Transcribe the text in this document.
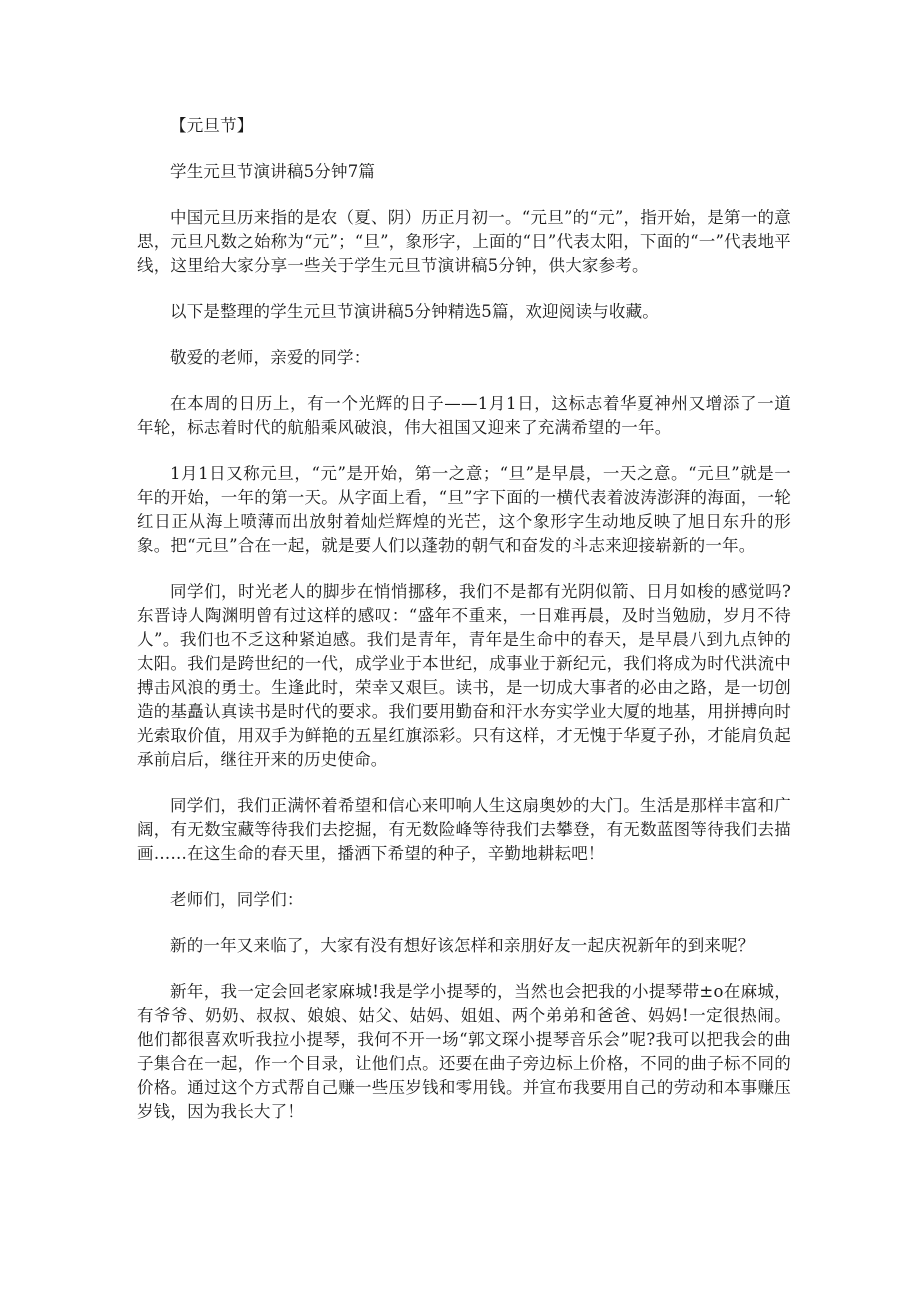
【元旦节】

学生元旦节演讲稿5分钟7篇

中国元旦历来指的是农（夏、阴）历正月初一。“元旦”的“元”，指开始，是第一的意思，元旦凡数之始称为“元”；“旦”，象形字，上面的“日”代表太阳，下面的“一”代表地平线，这里给大家分享一些关于学生元旦节演讲稿5分钟，供大家参考。

以下是整理的学生元旦节演讲稿5分钟精选5篇，欢迎阅读与收藏。

敬爱的老师，亲爱的同学：

在本周的日历上，有一个光辉的日子——1月1日，这标志着华夏神州又增添了一道年轮，标志着时代的航船乘风破浪，伟大祖国又迎来了充满希望的一年。

1月1日又称元旦，“元”是开始，第一之意；“旦”是早晨，一天之意。“元旦”就是一年的开始，一年的第一天。从字面上看，“旦”字下面的一横代表着波涛澎湃的海面，一轮红日正从海上喷薄而出放射着灿烂辉煌的光芒，这个象形字生动地反映了旭日东升的形象。把“元旦”合在一起，就是要人们以蓬勃的朝气和奋发的斗志来迎接崭新的一年。

同学们，时光老人的脚步在悄悄挪移，我们不是都有光阴似箭、日月如梭的感觉吗?东晋诗人陶渊明曾有过这样的感叹：“盛年不重来，一日难再晨，及时当勉励，岁月不待人”。我们也不乏这种紧迫感。我们是青年，青年是生命中的春天，是早晨八到九点钟的太阳。我们是跨世纪的一代，成学业于本世纪，成事业于新纪元，我们将成为时代洪流中搏击风浪的勇士。生逢此时，荣幸又艰巨。读书，是一切成大事者的必由之路，是一切创造的基矗认真读书是时代的要求。我们要用勤奋和汗水夯实学业大厦的地基，用拼搏向时光索取价值，用双手为鲜艳的五星红旗添彩。只有这样，才无愧于华夏子孙，才能肩负起承前启后，继往开来的历史使命。

同学们，我们正满怀着希望和信心来叩响人生这扇奥妙的大门。生活是那样丰富和广阔，有无数宝藏等待我们去挖掘，有无数险峰等待我们去攀登，有无数蓝图等待我们去描画……在这生命的春天里，播洒下希望的种子，辛勤地耕耘吧！

老师们，同学们：

新的一年又来临了，大家有没有想好该怎样和亲朋好友一起庆祝新年的到来呢？

新年，我一定会回老家麻城!我是学小提琴的，当然也会把我的小提琴带±o在麻城，有爷爷、奶奶、叔叔、娘娘、姑父、姑妈、姐姐、两个弟弟和爸爸、妈妈!一定很热闹。他们都很喜欢听我拉小提琴，我何不开一场“郭文琛小提琴音乐会”呢?我可以把我会的曲子集合在一起，作一个目录，让他们点。还要在曲子旁边标上价格，不同的曲子标不同的价格。通过这个方式帮自己赚一些压岁钱和零用钱。并宣布我要用自己的劳动和本事赚压岁钱，因为我长大了！
